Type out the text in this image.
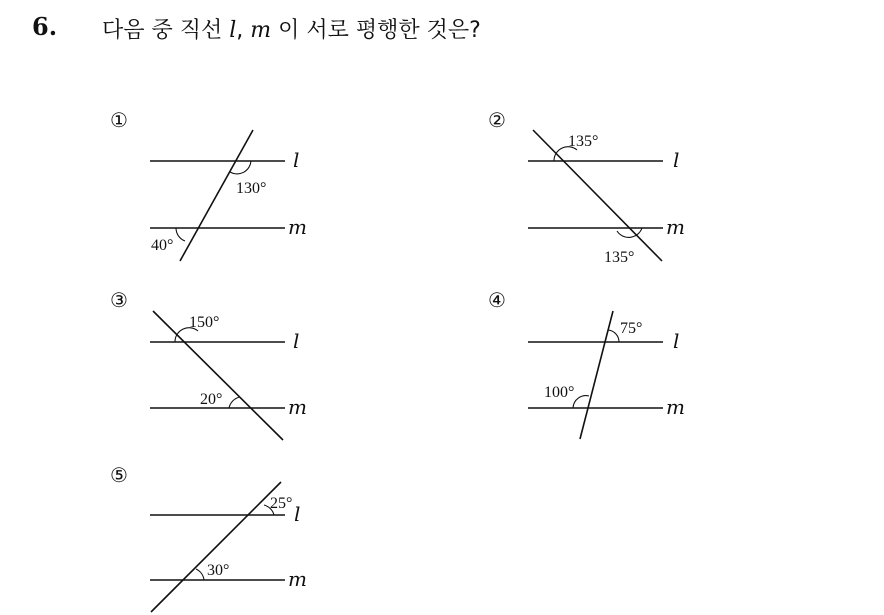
6. 다음 중 직선 l, m 이 서로 평행한 것은?
①
l
m
130°
40°
②
l
m
135°
135°
③
l
m
150°
20°
④
l
m
75°
100°
⑤
l
m
25°
30°
